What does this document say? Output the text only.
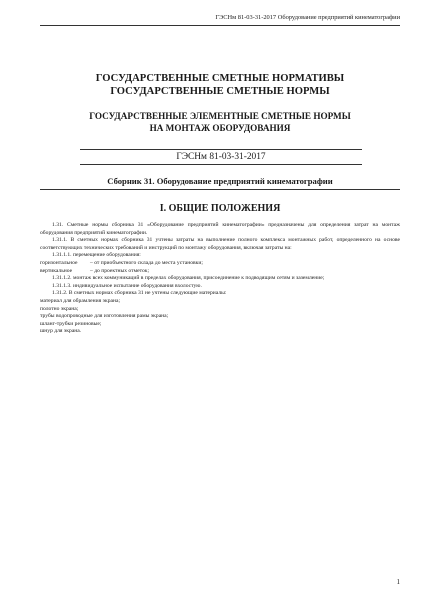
ГЭСНм 81-03-31-2017 Оборудование предприятий кинематографии
ГОСУДАРСТВЕННЫЕ СМЕТНЫЕ НОРМАТИВЫ
ГОСУДАРСТВЕННЫЕ СМЕТНЫЕ НОРМЫ
ГОСУДАРСТВЕННЫЕ ЭЛЕМЕНТНЫЕ СМЕТНЫЕ НОРМЫ
НА МОНТАЖ ОБОРУДОВАНИЯ
ГЭСНм 81-03-31-2017
Сборник 31. Оборудование предприятий кинематографии
I. ОБЩИЕ ПОЛОЖЕНИЯ

1.31. Сметные нормы сборника 31 «Оборудование предприятий кинематографии» предназначены для определения затрат на монтаж оборудования предприятий кинематографии.

1.31.1. В сметных нормах сборника 31 учтены затраты на выполнение полного комплекса монтажных работ, определенного на основе соответствующих технических требований и инструкций по монтажу оборудования, включая затраты на:

1.31.1.1. перемещение оборудования:

горизонтальное	– от приобъектного склада до места установки;
вертикальное	– до проектных отметок;

1.31.1.2. монтаж всех коммуникаций в пределах оборудования, присоединение к подводящим сетям и заземление;

1.31.1.3. индивидуальное испытание оборудования вхолостую.

1.31.2. В сметных нормах сборника 31 не учтены следующие материалы:

материал для обрамления экрана;

полотно экрана;

трубы водопроводные для изготовления рамы экрана;

шланг-трубки резиновые;

шнур для экрана.

1
